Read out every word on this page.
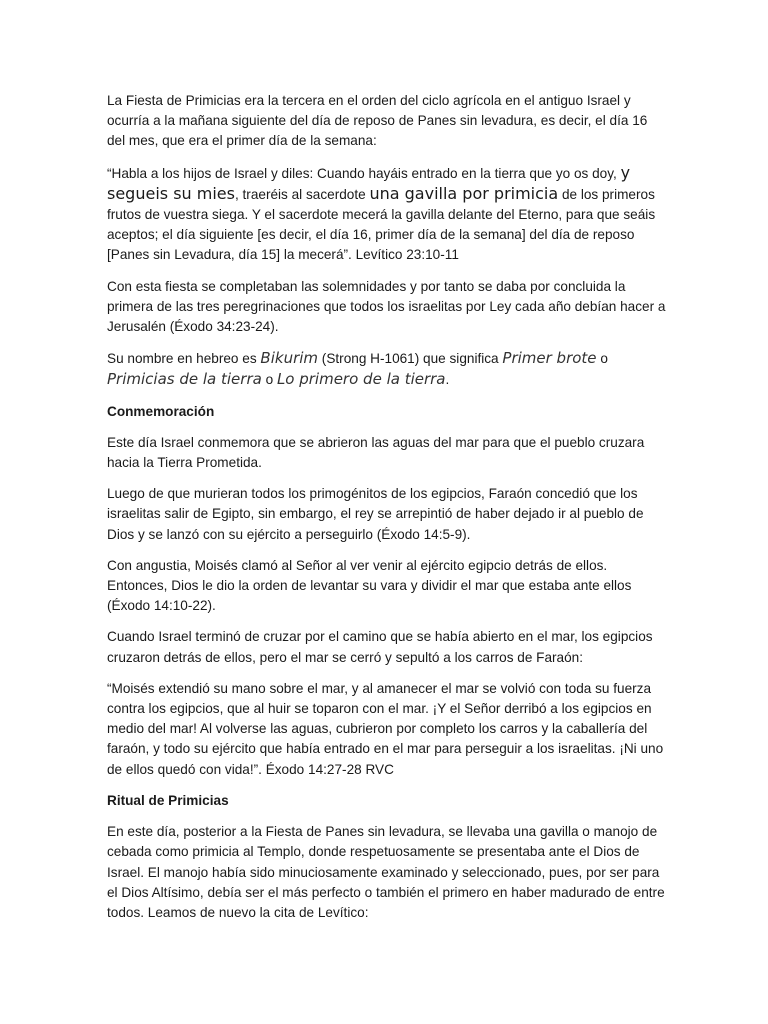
La Fiesta de Primicias era la tercera en el orden del ciclo agrícola en el antiguo Israel y ocurría a la mañana siguiente del día de reposo de Panes sin levadura, es decir, el día 16 del mes, que era el primer día de la semana:

“Habla a los hijos de Israel y diles: Cuando hayáis entrado en la tierra que yo os doy, y segueis su mies, traeréis al sacerdote una gavilla por primicia de los primeros frutos de vuestra siega. Y el sacerdote mecerá la gavilla delante del Eterno, para que seáis aceptos; el día siguiente [es decir, el día 16, primer día de la semana] del día de reposo [Panes sin Levadura, día 15] la mecerá”. Levítico 23:10-11

Con esta fiesta se completaban las solemnidades y por tanto se daba por concluida la primera de las tres peregrinaciones que todos los israelitas por Ley cada año debían hacer a Jerusalén (Éxodo 34:23-24).

Su nombre en hebreo es Bikurim (Strong H-1061) que significa Primer brote o Primicias de la tierra o Lo primero de la tierra.

Conmemoración

Este día Israel conmemora que se abrieron las aguas del mar para que el pueblo cruzara hacia la Tierra Prometida.

Luego de que murieran todos los primogénitos de los egipcios, Faraón concedió que los israelitas salir de Egipto, sin embargo, el rey se arrepintió de haber dejado ir al pueblo de Dios y se lanzó con su ejército a perseguirlo (Éxodo 14:5-9).

Con angustia, Moisés clamó al Señor al ver venir al ejército egipcio detrás de ellos. Entonces, Dios le dio la orden de levantar su vara y dividir el mar que estaba ante ellos (Éxodo 14:10-22).

Cuando Israel terminó de cruzar por el camino que se había abierto en el mar, los egipcios cruzaron detrás de ellos, pero el mar se cerró y sepultó a los carros de Faraón:

“Moisés extendió su mano sobre el mar, y al amanecer el mar se volvió con toda su fuerza contra los egipcios, que al huir se toparon con el mar. ¡Y el Señor derribó a los egipcios en medio del mar! Al volverse las aguas, cubrieron por completo los carros y la caballería del faraón, y todo su ejército que había entrado en el mar para perseguir a los israelitas. ¡Ni uno de ellos quedó con vida!”. Éxodo 14:27-28 RVC

Ritual de Primicias

En este día, posterior a la Fiesta de Panes sin levadura, se llevaba una gavilla o manojo de cebada como primicia al Templo, donde respetuosamente se presentaba ante el Dios de Israel. El manojo había sido minuciosamente examinado y seleccionado, pues, por ser para el Dios Altísimo, debía ser el más perfecto o también el primero en haber madurado de entre todos. Leamos de nuevo la cita de Levítico:
